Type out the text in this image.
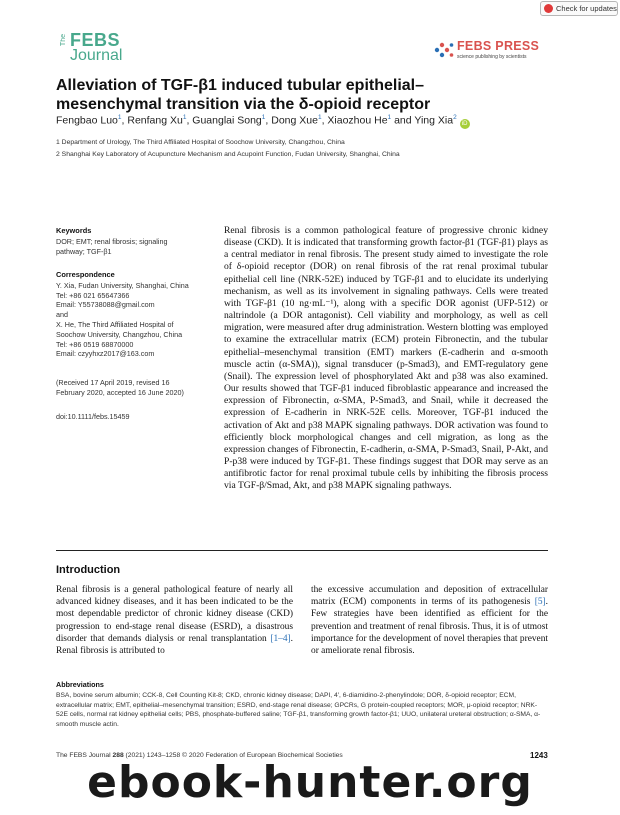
Check for updates
The FEBS
Journal
FEBS PRESS
science publishing by scientists
Alleviation of TGF-β1 induced tubular epithelial–
mesenchymal transition via the δ-opioid receptor
Fengbao Luo$^1$, Renfang Xu$^1$, Guanglai Song$^1$, Dong Xue$^1$, Xiaozhou He$^1$ and Ying Xia$^2$iD
1 Department of Urology, The Third Affiliated Hospital of Soochow University, Changzhou, China
2 Shanghai Key Laboratory of Acupuncture Mechanism and Acupoint Function, Fudan University, Shanghai, China
Keywords

DOR; EMT; renal fibrosis; signaling

pathway; TGF-β1

Correspondence

Y. Xia, Fudan University, Shanghai, China

Tel: +86 021 65647366

Email: Y55738088@gmail.com

and

X. He, The Third Affiliated Hospital of

Soochow University, Changzhou, China

Tel: +86 0519 68870000

Email: czyyhxz2017@163.com

(Received 17 April 2019, revised 16

February 2020, accepted 16 June 2020)

doi:10.1111/febs.15459

Renal fibrosis is a common pathological feature of progressive chronic kidney disease (CKD). It is indicated that transforming growth factor-β1 (TGF-β1) plays as a central mediator in renal fibrosis. The present study aimed to investigate the role of δ-opioid receptor (DOR) on renal fibrosis of the rat renal proximal tubular epithelial cell line (NRK-52E) induced by TGF-β1 and to elucidate its underlying mechanism, as well as its involvement in signaling pathways. Cells were treated with TGF-β1 (10 ng·mL⁻¹), along with a specific DOR agonist (UFP-512) or naltrindole (a DOR antagonist). Cell viability and morphology, as well as cell migration, were measured after drug administration. Western blotting was employed to examine the extracellular matrix (ECM) protein Fibronectin, and the tubular epithelial–mesenchymal transition (EMT) markers (E-cadherin and α-smooth muscle actin (α-SMA)), signal transducer (p-Smad3), and EMT-regulatory gene (Snail). The expression level of phosphorylated Akt and p38 was also examined. Our results showed that TGF-β1 induced fibroblastic appearance and increased the expression of Fibronectin, α-SMA, P-Smad3, and Snail, while it decreased the expression of E-cadherin in NRK-52E cells. Moreover, TGF-β1 induced the activation of Akt and p38 MAPK signaling pathways. DOR activation was found to efficiently block morphological changes and cell migration, as long as the expression changes of Fibronectin, E-cadherin, α-SMA, P-Smad3, Snail, P-Akt, and P-p38 were induced by TGF-β1. These findings suggest that DOR may serve as an antifibrotic factor for renal proximal tubule cells by inhibiting the fibrosis process via TGF-β/Smad, Akt, and p38 MAPK signaling pathways.

Introduction

Renal fibrosis is a general pathological feature of nearly all advanced kidney diseases, and it has been indicated to be the most dependable predictor of chronic kidney disease (CKD) progression to end-stage renal disease (ESRD), a disastrous disorder that demands dialysis or renal transplantation [1–4]. Renal fibrosis is attributed to

the excessive accumulation and deposition of extracellular matrix (ECM) components in terms of its pathogenesis [5]. Few strategies have been identified as efficient for the prevention and treatment of renal fibrosis. Thus, it is of utmost importance for the development of novel therapies that prevent or ameliorate renal fibrosis.

Abbreviations

BSA, bovine serum albumin; CCK-8, Cell Counting Kit-8; CKD, chronic kidney disease; DAPI, 4′, 6-diamidino-2-phenylindole; DOR, δ-opioid receptor; ECM, extracellular matrix; EMT, epithelial–mesenchymal transition; ESRD, end-stage renal disease; GPCRs, G protein-coupled receptors; MOR, μ-opioid receptor; NRK-52E cells, normal rat kidney epithelial cells; PBS, phosphate-buffered saline; TGF-β1, transforming growth factor-β1; UUO, unilateral ureteral obstruction; α-SMA, α-smooth muscle actin.

The FEBS Journal 288 (2021) 1243–1258 © 2020 Federation of European Biochemical Societies	1243
ebook-hunter.org
